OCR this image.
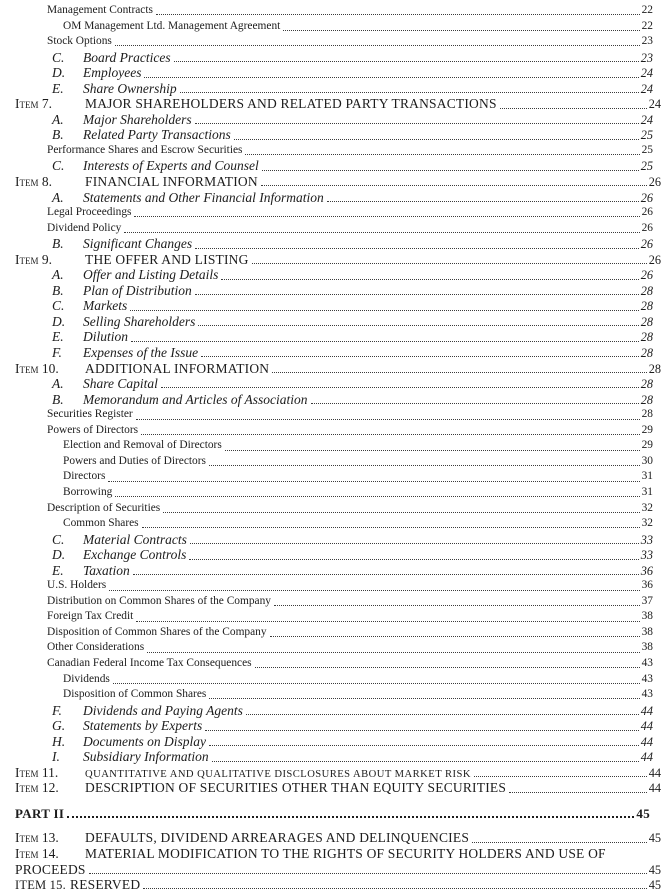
Management Contracts	22
OM Management Ltd. Management Agreement	22
Stock Options	23
C.	Board Practices	23
D.	Employees	24
E.	Share Ownership	24
Item 7.	MAJOR SHAREHOLDERS AND RELATED PARTY TRANSACTIONS	24
A.	Major Shareholders	24
B.	Related Party Transactions	25
Performance Shares and Escrow Securities	25
C.	Interests of Experts and Counsel	25
Item 8.	FINANCIAL INFORMATION	26
A.	Statements and Other Financial Information	26
Legal Proceedings	26
Dividend Policy	26
B.	Significant Changes	26
Item 9.	THE OFFER AND LISTING	26
A.	Offer and Listing Details	26
B.	Plan of Distribution	28
C.	Markets	28
D.	Selling Shareholders	28
E.	Dilution	28
F.	Expenses of the Issue	28
Item 10.	ADDITIONAL INFORMATION	28
A.	Share Capital	28
B.	Memorandum and Articles of Association	28
Securities Register	28
Powers of Directors	29
Election and Removal of Directors	29
Powers and Duties of Directors	30
Directors	31
Borrowing	31
Description of Securities	32
Common Shares	32
C.	Material Contracts	33
D.	Exchange Controls	33
E.	Taxation	36
U.S. Holders	36
Distribution on Common Shares of the Company	37
Foreign Tax Credit	38
Disposition of Common Shares of the Company	38
Other Considerations	38
Canadian Federal Income Tax Consequences	43
Dividends	43
Disposition of Common Shares	43
F.	Dividends and Paying Agents	44
G.	Statements by Experts	44
H.	Documents on Display	44
I.	Subsidiary Information	44
Item 11.	QUANTITATIVE AND QUALITATIVE DISCLOSURES ABOUT MARKET RISK	44
Item 12.	DESCRIPTION OF SECURITIES OTHER THAN EQUITY SECURITIES	44
PART II	45
Item 13.	DEFAULTS, DIVIDEND ARREARAGES AND DELINQUENCIES	45
Item 14.	MATERIAL MODIFICATION TO THE RIGHTS OF SECURITY HOLDERS AND USE OF
PROCEEDS	45
ITEM 15. RESERVED	45
